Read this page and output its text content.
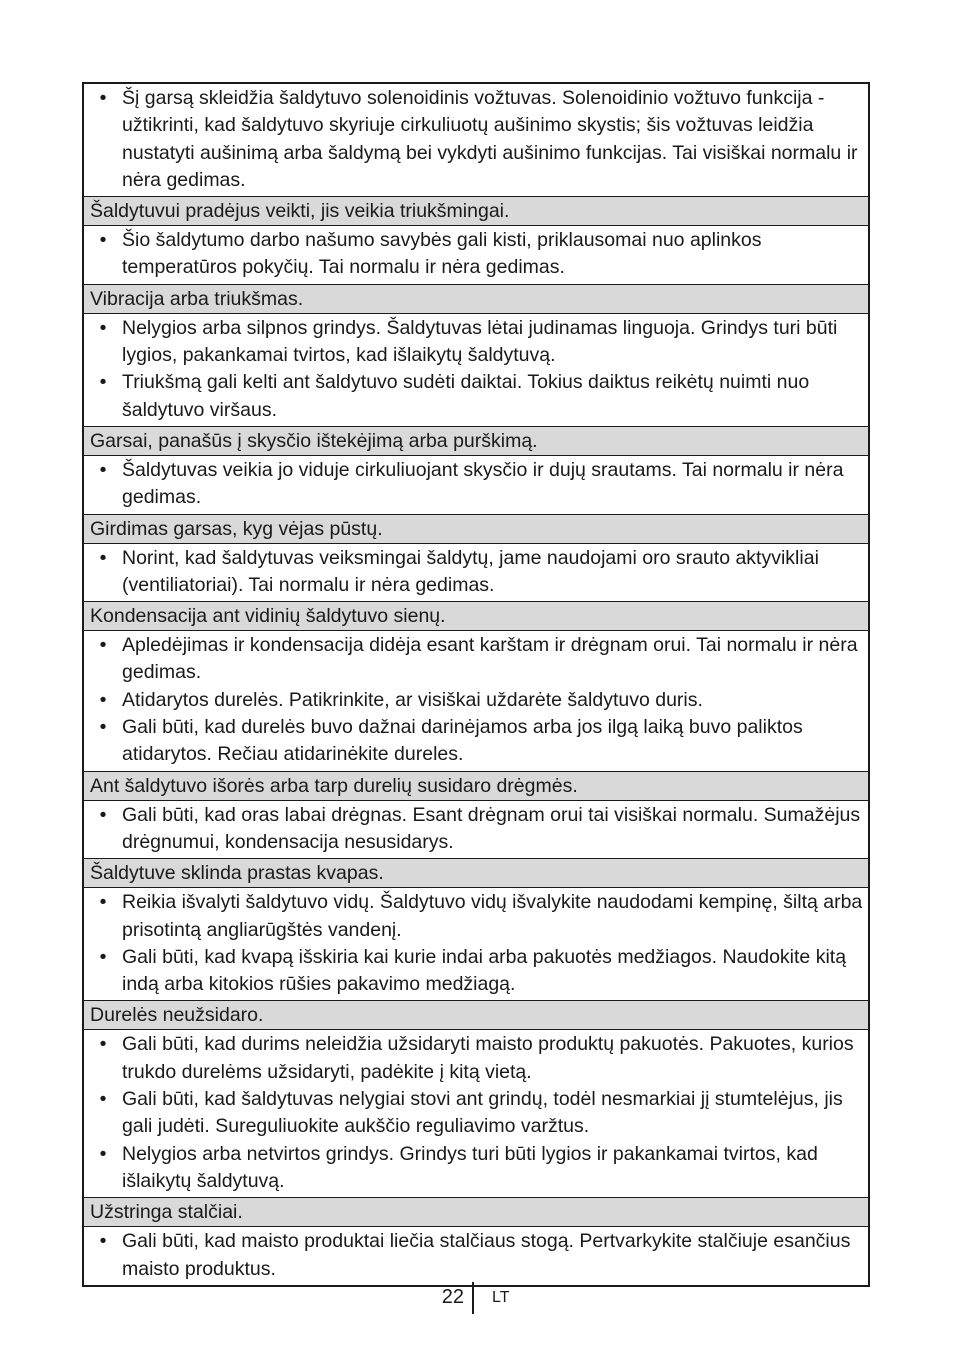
• Šį garsą skleidžia šaldytuvo solenoidinis vožtuvas. Solenoidinio vožtuvo funkcija - užtikrinti, kad šaldytuvo skyriuje cirkuliuotų aušinimo skystis; šis vožtuvas leidžia nustatyti aušinimą arba šaldymą bei vykdyti aušinimo funkcijas. Tai visiškai normalu ir nėra gedimas.
Šaldytuvui pradėjus veikti, jis veikia triukšmingai.
• Šio šaldytumo darbo našumo savybės gali kisti, priklausomai nuo aplinkos temperatūros pokyčių. Tai normalu ir nėra gedimas.
Vibracija arba triukšmas.
• Nelygios arba silpnos grindys. Šaldytuvas lėtai judinamas linguoja. Grindys turi būti lygios, pakankamai tvirtos, kad išlaikytų šaldytuvą.
• Triukšmą gali kelti ant šaldytuvo sudėti daiktai. Tokius daiktus reikėtų nuimti nuo šaldytuvo viršaus.
Garsai, panašūs į skysčio ištekėjimą arba purškimą.
• Šaldytuvas veikia jo viduje cirkuliuojant skysčio ir dujų srautams. Tai normalu ir nėra gedimas.
Girdimas garsas, kyg vėjas pūstų.
• Norint, kad šaldytuvas veiksmingai šaldytų, jame naudojami oro srauto aktyvikliai (ventiliatoriai). Tai normalu ir nėra gedimas.
Kondensacija ant vidinių šaldytuvo sienų.
• Apledėjimas ir kondensacija didėja esant karštam ir drėgnam orui. Tai normalu ir nėra gedimas.
• Atidarytos durelės. Patikrinkite, ar visiškai uždarėte šaldytuvo duris.
• Gali būti, kad durelės buvo dažnai darinėjamos arba jos ilgą laiką buvo paliktos atidarytos. Rečiau atidarinėkite dureles.
Ant šaldytuvo išorės arba tarp durelių susidaro drėgmės.
• Gali būti, kad oras labai drėgnas. Esant drėgnam orui tai visiškai normalu. Sumažėjus drėgnumui, kondensacija nesusidarys.
Šaldytuve sklinda prastas kvapas.
• Reikia išvalyti šaldytuvo vidų. Šaldytuvo vidų išvalykite naudodami kempinę, šiltą arba prisotintą angliarūgštės vandenį.
• Gali būti, kad kvapą išskiria kai kurie indai arba pakuotės medžiagos. Naudokite kitą indą arba kitokios rūšies pakavimo medžiagą.
Durelės neužsidaro.
• Gali būti, kad durims neleidžia užsidaryti maisto produktų pakuotės. Pakuotes, kurios trukdo durelėms užsidaryti, padėkite į kitą vietą.
• Gali būti, kad šaldytuvas nelygiai stovi ant grindų, todėl nesmarkiai jį stumtelėjus, jis gali judėti. Sureguliuokite aukščio reguliavimo varžtus.
• Nelygios arba netvirtos grindys. Grindys turi būti lygios ir pakankamai tvirtos, kad išlaikytų šaldytuvą.
Užstringa stalčiai.
• Gali būti, kad maisto produktai liečia stalčiaus stogą. Pertvarkykite stalčiuje esančius maisto produktus.
22 LT
